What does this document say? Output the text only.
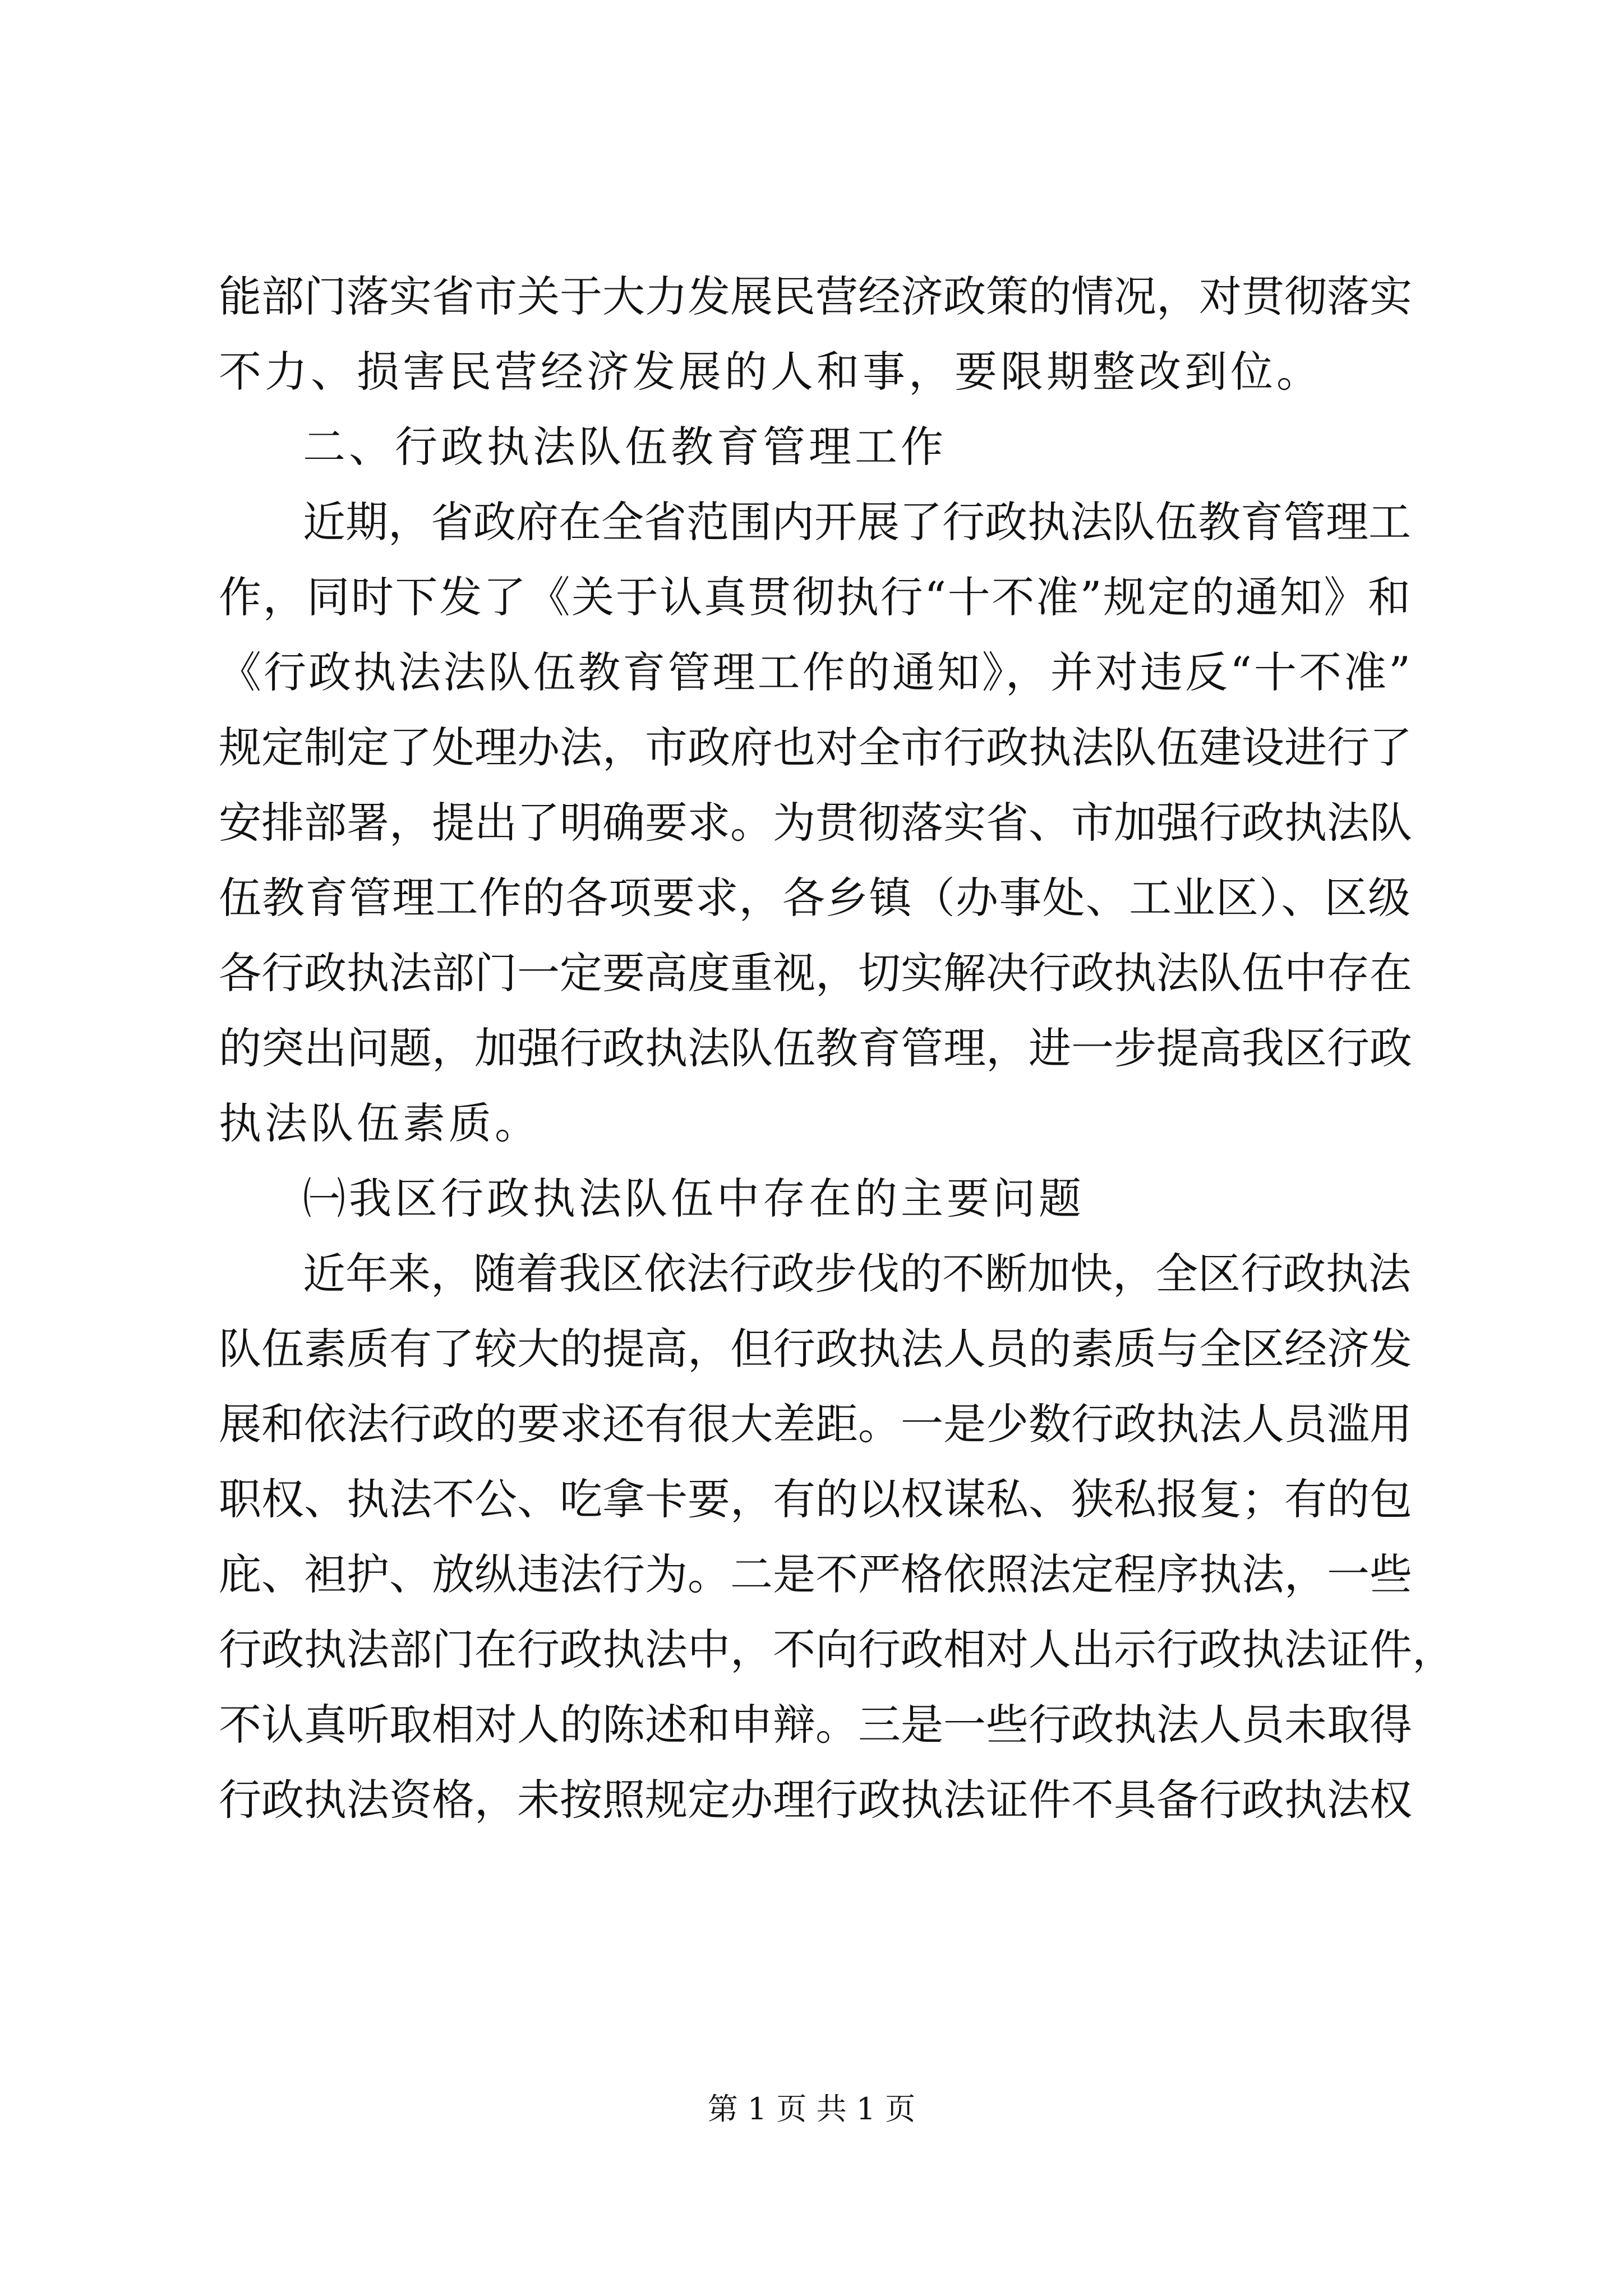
能部门落实省市关于大力发展民营经济政策的情况，对贯彻落实
不力、损害民营经济发展的人和事，要限期整改到位。
二、行政执法队伍教育管理工作
近期，省政府在全省范围内开展了行政执法队伍教育管理工
作，同时下发了《关于认真贯彻执行“十不准”规定的通知》和
《行政执法法队伍教育管理工作的通知》，并对违反“十不准”
规定制定了处理办法，市政府也对全市行政执法队伍建设进行了
安排部署，提出了明确要求。为贯彻落实省、市加强行政执法队
伍教育管理工作的各项要求，各乡镇（办事处、工业区）、区级
各行政执法部门一定要高度重视，切实解决行政执法队伍中存在
的突出问题，加强行政执法队伍教育管理，进一步提高我区行政
执法队伍素质。
㈠我区行政执法队伍中存在的主要问题
近年来，随着我区依法行政步伐的不断加快，全区行政执法
队伍素质有了较大的提高，但行政执法人员的素质与全区经济发
展和依法行政的要求还有很大差距。一是少数行政执法人员滥用
职权、执法不公、吃拿卡要，有的以权谋私、狭私报复；有的包
庇、袒护、放纵违法行为。二是不严格依照法定程序执法，一些
行政执法部门在行政执法中，不向行政相对人出示行政执法证件，
不认真听取相对人的陈述和申辩。三是一些行政执法人员未取得
行政执法资格，未按照规定办理行政执法证件不具备行政执法权
第 1 页 共 1 页
